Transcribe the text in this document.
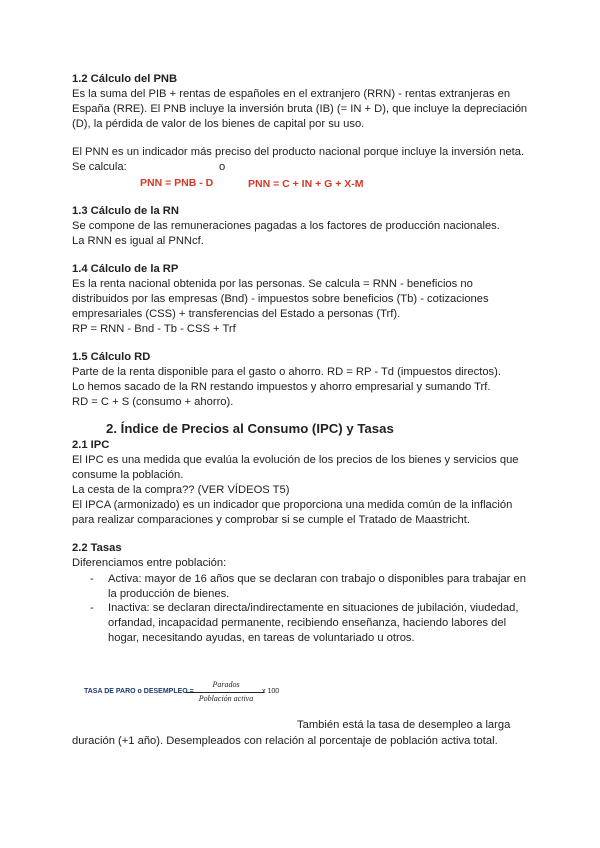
1.2 Cálculo del PNB
Es la suma del PIB + rentas de españoles en el extranjero (RRN) - rentas extranjeras en
España (RRE). El PNB incluye la inversión bruta (IB) (= IN + D), que incluye la depreciación
(D), la pérdida de valor de los bienes de capital por su uso.
El PNN es un indicador más preciso del producto nacional porque incluye la inversión neta.
Se calcula:	o
PNN = PNB - D	PNN = C + IN + G + X-M
1.3 Cálculo de la RN
Se compone de las remuneraciones pagadas a los factores de producción nacionales.
La RNN es igual al PNNcf.
1.4 Cálculo de la RP
Es la renta nacional obtenida por las personas. Se calcula = RNN - beneficios no
distribuidos por las empresas (Bnd) - impuestos sobre beneficios (Tb) - cotizaciones
empresariales (CSS) + transferencias del Estado a personas (Trf).
RP = RNN - Bnd - Tb - CSS + Trf
1.5 Cálculo RD
Parte de la renta disponible para el gasto o ahorro. RD = RP - Td (impuestos directos).
Lo hemos sacado de la RN restando impuestos y ahorro empresarial y sumando Trf.
RD = C + S (consumo + ahorro).
2. Índice de Precios al Consumo (IPC) y Tasas
2.1 IPC
El IPC es una medida que evalúa la evolución de los precios de los bienes y servicios que
consume la población.
La cesta de la compra?? (VER VÍDEOS T5)
El IPCA (armonizado) es un indicador que proporciona una medida común de la inflación
para realizar comparaciones y comprobar si se cumple el Tratado de Maastricht.
2.2 Tasas
Diferenciamos entre población:
- Activa: mayor de 16 años que se declaran con trabajo o disponibles para trabajar en
la producción de bienes.
- Inactiva: se declaran directa/indirectamente en situaciones de jubilación, viudedad,
orfandad, incapacidad permanente, recibiendo enseñanza, haciendo labores del
hogar, necesitando ayudas, en tareas de voluntariado u otros.
TASA DE PARO o DESEMPLEO =
Parados
Población activa
x 100
También está la tasa de desempleo a larga
duración (+1 año). Desempleados con relación al porcentaje de población activa total.
